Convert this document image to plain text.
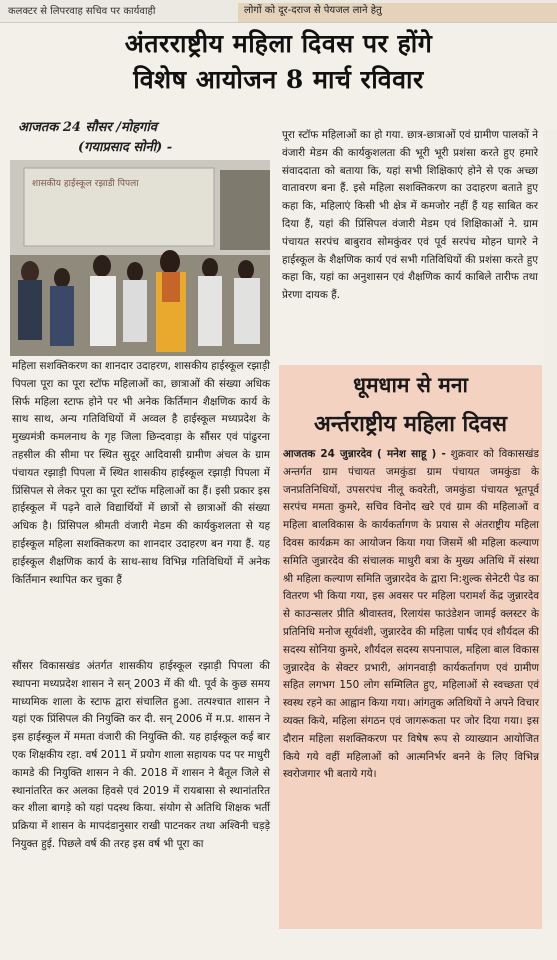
कलक्टर से लिपरवाह सचिव पर कार्यवाही	लोगों को दूर-दराज से पेयजल लाने हेतु
अंतरराष्ट्रीय महिला दिवस पर होंगे
विशेष आयोजन 8 मार्च रविवार
आजतक 24 सौसर /मोहगांव
(गयाप्रसाद सोनी) -
शासकीय हाईस्कूल रझाडी पिपला
महिला सशक्तिकरण का शानदार उदाहरण, शासकीय हाईस्कूल रझाड़ी पिपला पूरा का पूरा स्टॉफ महिलाओं का, छात्राओं की संख्या अधिक सिर्फ महिला स्टाफ होने पर भी अनेक किर्तिमान शैक्षणिक कार्य के साथ साथ, अन्य गतिविधियों में अव्वल है हाईस्कूल मध्यप्रदेश के मुख्यमंत्री कमलनाथ के गृह जिला छिन्दवाड़ा के सौंसर एवं पांढुरना तहसील की सीमा पर स्थित सुदूर आदिवासी ग्रामीण अंचल के ग्राम पंचायत रझाड़ी पिपला में स्थित शासकीय हाईस्कूल रझाड़ी पिपला में प्रिंसिपल से लेकर पूरा का पूरा स्टॉफ महिलाओं का हैं। इसी प्रकार इस हाईस्कूल में पढ़ने वाले विद्यार्थियों में छात्रों से छात्राओं की संख्या अधिक है। प्रिंसिपल श्रीमती वंजारी मेडम की कार्यकुशलता से यह हाईस्कूल महिला सशक्तिकरण का शानदार उदाहरण बन गया हैं. यह हाईस्कूल शैक्षणिक कार्य के साथ-साथ विभिन्न गतिविधियों में अनेक किर्तिमान स्थापित कर चुका हैं
सौंसर विकासखंड अंतर्गत शासकीय हाईस्कूल रझाड़ी पिपला की स्थापना मध्यप्रदेश शासन ने सन् 2003 में की थी. पूर्व के कुछ समय माध्यमिक शाला के स्टाफ द्वारा संचालित हुआ. तत्पश्चात शासन ने यहां एक प्रिंसिपल की नियुक्ति कर दी. सन् 2006 में म.प्र. शासन ने इस हाईस्कूल में ममता वंजारी की नियुक्ति की. यह हाईस्कूल कई बार एक शिक्षकीय रहा. वर्ष 2011 में प्रयोग शाला सहायक पद पर माधुरी कामडे की नियुक्ति शासन ने की. 2018 में शासन ने बैतूल जिले से स्थानांतरित कर अलका हिवसे एवं 2019 में रायबासा से स्थानांतरित कर शीला बागड़े को यहां पदस्थ किया. संयोग से अतिथि शिक्षक भर्ती प्रक्रिया में शासन के मापदंडानुसार राखी पाटनकर तथा अश्विनी चड़ड़े नियुक्त हुई. पिछले वर्ष की तरह इस वर्ष भी पूरा का
पूरा स्टॉफ महिलाओं का हो गया. छात्र-छात्राओं एवं ग्रामीण पालकों ने वंजारी मेडम की कार्यकुशलता की भूरी भूरी प्रशंसा करते हुए हमारे संवाददाता को बताया कि, यहां सभी शिक्षिकाएं होने से एक अच्छा वातावरण बना हैं. इसे महिला सशक्तिकरण का उदाहरण बताते हुए कहा कि, महिलाएं किसी भी क्षेत्र में कमजोर नहीं हैं यह साबित कर दिया हैं, यहां की प्रिंसिपल वंजारी मेडम एवं शिक्षिकाओं ने. ग्राम पंचायत सरपंच बाबुराव सोमकुंवर एवं पूर्व सरपंच मोहन घागरे ने हाईस्कूल के शैक्षणिक कार्य एवं सभी गतिविधियों की प्रशंसा करते हुए कहा कि, यहां का अनुशासन एवं शैक्षणिक कार्य काबिले तारीफ तथा प्रेरणा दायक हैं.
धूमधाम से मना
अर्न्तराष्ट्रीय महिला दिवस
आजतक 24 जुन्नारदेव ( मनेश साहू ) - शुक्रवार को विकासखंड अन्तर्गत ग्राम पंचायत जमकुंडा ग्राम पंचायत जमकुंडा के जनप्रतिनिधियों, उपसरपंच नीलू कवरेती, जमकुंडा पंचायत भूतपूर्व सरपंच ममता कुमरे, सचिव विनोद खरे एवं ग्राम की महिलाओं व महिला बालविकास के कार्यकर्तागण के प्रयास से अंतराष्ट्रीय महिला दिवस कार्यक्रम का आयोजन किया गया जिसमें श्री महिला कल्याण समिति जुन्नारदेव की संचालक माधुरी बत्रा के मुख्य अतिथि में संस्था श्री महिला कल्याण समिति जुन्नारदेव के द्वारा नि:शुल्क सेनेटरी पेड का वितरण भी किया गया, इस अवसर पर महिला परामर्श केंद्र जुन्नारदेव से काउन्सलर प्रीति श्रीवास्तव, रिलायंस फाउंडेशन जामई क्लस्टर के प्रतिनिधि मनोज सूर्यवंशी, जुन्नारदेव की महिला पार्षद एवं शौर्यदल की सदस्य सोनिया कुमरे, शौर्यदल सदस्य सपनापाल, महिला बाल विकास जुन्नारदेव के सेक्टर प्रभारी, आंगनवाड़ी कार्यकर्तागण एवं ग्रामीण सहित लगभग 150 लोग सम्मिलित हुए, महिलाओं से स्वच्छता एवं स्वस्थ रहने का आह्वान किया गया। आंगतुक अतिथियों ने अपने विचार व्यक्त किये, महिला संगठन एवं जागरूकता पर जोर दिया गया। इस दौरान महिला सशक्तिकरण पर विषेष रूप से व्याख्यान आयोजित किये गये वहीं महिलाओं को आत्मनिर्भर बनने के लिए विभिन्न स्वरोजगार भी बताये गये।
